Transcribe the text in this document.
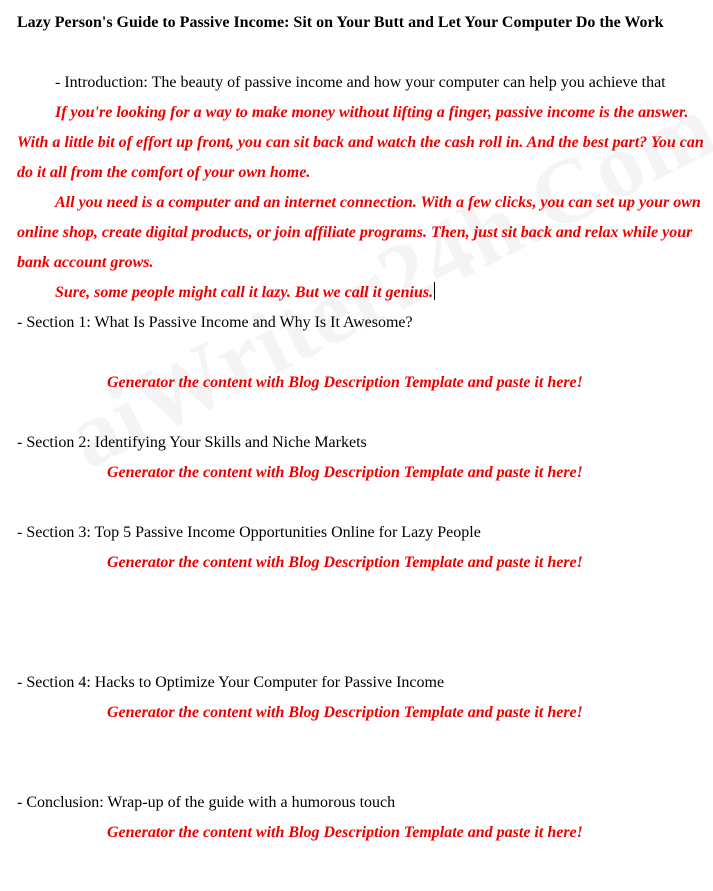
Lazy Person's Guide to Passive Income: Sit on Your Butt and Let Your Computer Do the Work

- Introduction: The beauty of passive income and how your computer can help you achieve that

If you're looking for a way to make money without lifting a finger, passive income is the answer. With a little bit of effort up front, you can sit back and watch the cash roll in. And the best part? You can do it all from the comfort of your own home.

All you need is a computer and an internet connection. With a few clicks, you can set up your own online shop, create digital products, or join affiliate programs. Then, just sit back and relax while your bank account grows.

Sure, some people might call it lazy. But we call it genius.

- Section 1: What Is Passive Income and Why Is It Awesome?

Generator the content with Blog Description Template and paste it here!

- Section 2: Identifying Your Skills and Niche Markets

Generator the content with Blog Description Template and paste it here!

- Section 3: Top 5 Passive Income Opportunities Online for Lazy People

Generator the content with Blog Description Template and paste it here!

- Section 4: Hacks to Optimize Your Computer for Passive Income

Generator the content with Blog Description Template and paste it here!

- Conclusion: Wrap-up of the guide with a humorous touch

Generator the content with Blog Description Template and paste it here!
